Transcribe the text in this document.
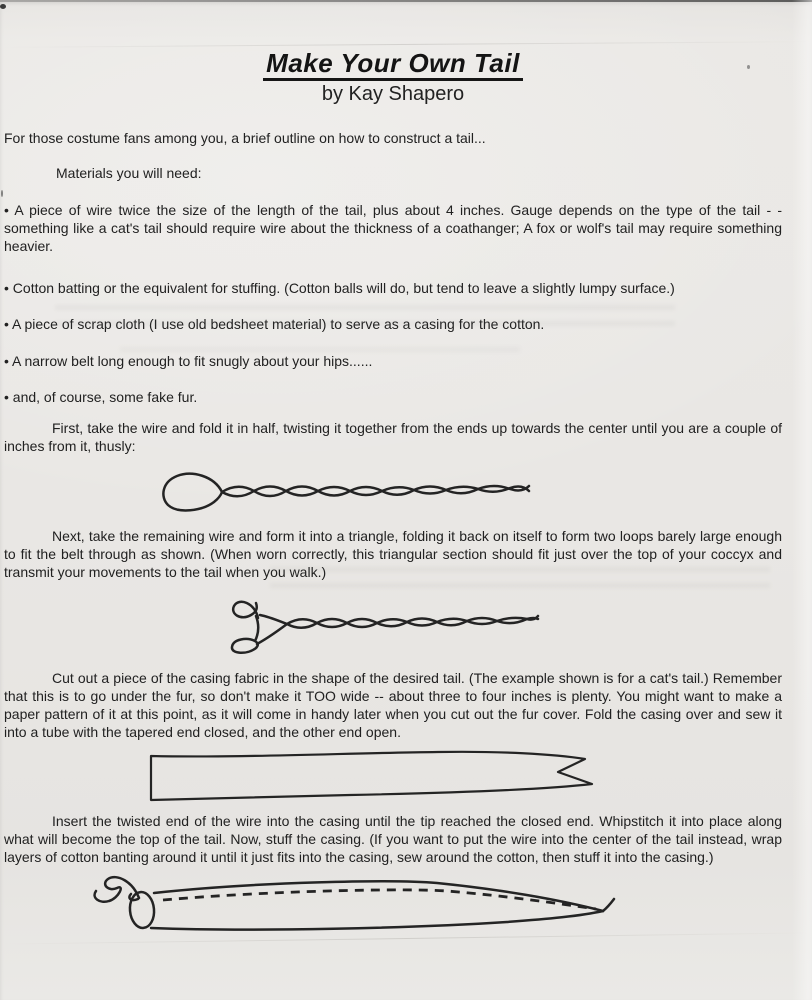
Make Your Own Tail
by Kay Shapero

For those costume fans among you, a brief outline on how to construct a tail...

Materials you will need:

• A piece of wire twice the size of the length of the tail, plus about 4 inches. Gauge depends on the type of the tail - - something like a cat's tail should require wire about the thickness of a coathanger; A fox or wolf's tail may require something heavier.

• Cotton batting or the equivalent for stuffing. (Cotton balls will do, but tend to leave a slightly lumpy surface.)

• A piece of scrap cloth (I use old bedsheet material) to serve as a casing for the cotton.

• A narrow belt long enough to fit snugly about your hips......

• and, of course, some fake fur.

First, take the wire and fold it in half, twisting it together from the ends up towards the center until you are a couple of inches from it, thusly:

Next, take the remaining wire and form it into a triangle, folding it back on itself to form two loops barely large enough to fit the belt through as shown. (When worn correctly, this triangular section should fit just over the top of your coccyx and transmit your movements to the tail when you walk.)

Cut out a piece of the casing fabric in the shape of the desired tail. (The example shown is for a cat's tail.) Remember that this is to go under the fur, so don't make it TOO wide -- about three to four inches is plenty. You might want to make a paper pattern of it at this point, as it will come in handy later when you cut out the fur cover. Fold the casing over and sew it into a tube with the tapered end closed, and the other end open.

Insert the twisted end of the wire into the casing until the tip reached the closed end. Whipstitch it into place along what will become the top of the tail. Now, stuff the casing. (If you want to put the wire into the center of the tail instead, wrap layers of cotton banting around it until it just fits into the casing, sew around the cotton, then stuff it into the casing.)
